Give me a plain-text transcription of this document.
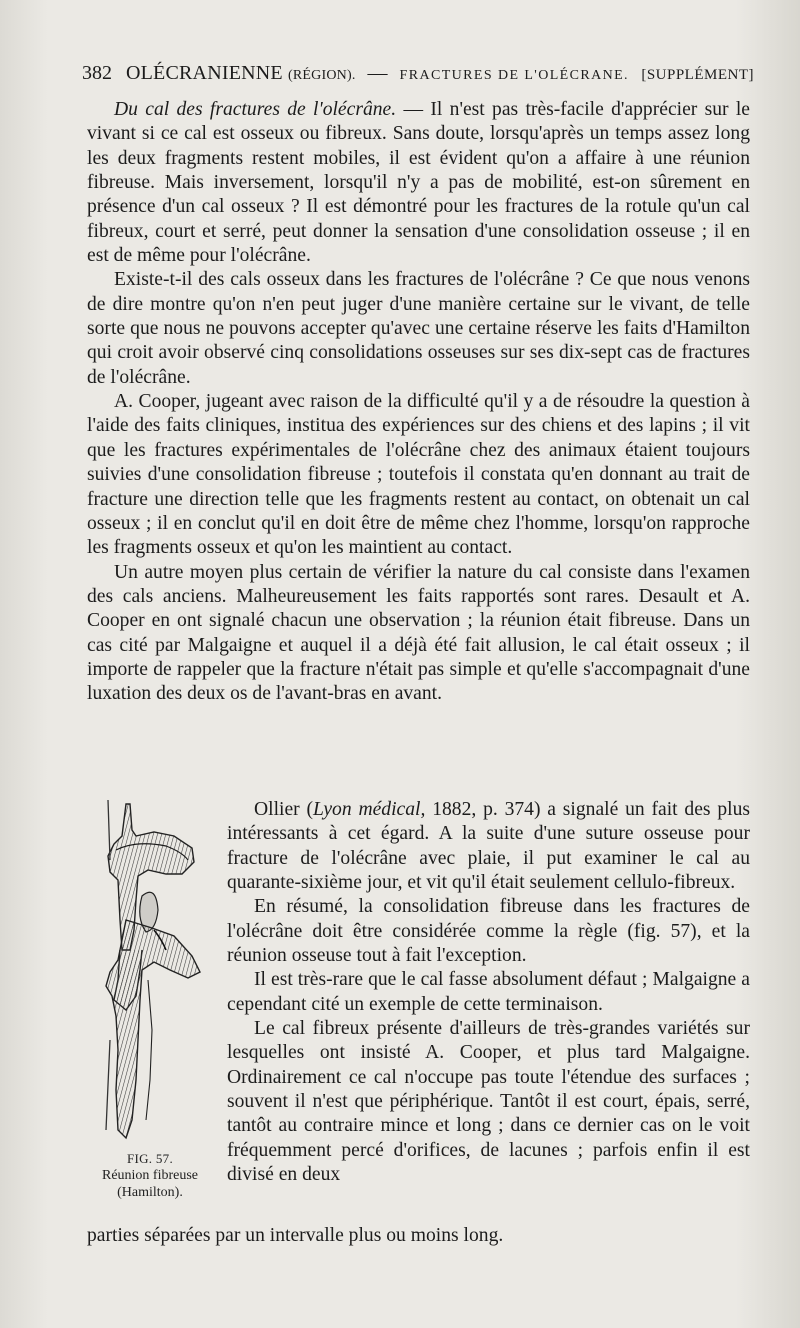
382 OLÉCRANIENNE (RÉGION). — FRACTURES DE L'OLÉCRANE. [SUPPLÉMENT]

Du cal des fractures de l'olécrâne. — Il n'est pas très-facile d'apprécier sur le vivant si ce cal est osseux ou fibreux. Sans doute, lorsqu'après un temps assez long les deux fragments restent mobiles, il est évident qu'on a affaire à une réunion fibreuse. Mais inversement, lorsqu'il n'y a pas de mobilité, est-on sûrement en présence d'un cal osseux ? Il est démontré pour les fractures de la rotule qu'un cal fibreux, court et serré, peut donner la sensation d'une consolidation osseuse ; il en est de même pour l'olécrâne.

Existe-t-il des cals osseux dans les fractures de l'olécrâne ? Ce que nous venons de dire montre qu'on n'en peut juger d'une manière certaine sur le vivant, de telle sorte que nous ne pouvons accepter qu'avec une certaine réserve les faits d'Hamilton qui croit avoir observé cinq consolidations osseuses sur ses dix-sept cas de fractures de l'olécrâne.

A. Cooper, jugeant avec raison de la difficulté qu'il y a de résoudre la question à l'aide des faits cliniques, institua des expériences sur des chiens et des lapins ; il vit que les fractures expérimentales de l'olécrâne chez des animaux étaient toujours suivies d'une consolidation fibreuse ; toutefois il constata qu'en donnant au trait de fracture une direction telle que les fragments restent au contact, on obtenait un cal osseux ; il en conclut qu'il en doit être de même chez l'homme, lorsqu'on rapproche les fragments osseux et qu'on les maintient au contact.

Un autre moyen plus certain de vérifier la nature du cal consiste dans l'examen des cals anciens. Malheureusement les faits rapportés sont rares. Desault et A. Cooper en ont signalé chacun une observation ; la réunion était fibreuse. Dans un cas cité par Malgaigne et auquel il a déjà été fait allusion, le cal était osseux ; il importe de rappeler que la fracture n'était pas simple et qu'elle s'accompagnait d'une luxation des deux os de l'avant-bras en avant.

FIG. 57.
Réunion fibreuse
(Hamilton).

Ollier (Lyon médical, 1882, p. 374) a signalé un fait des plus intéressants à cet égard. A la suite d'une suture osseuse pour fracture de l'olécrâne avec plaie, il put examiner le cal au quarante-sixième jour, et vit qu'il était seulement cellulo-fibreux.

En résumé, la consolidation fibreuse dans les fractures de l'olécrâne doit être considérée comme la règle (fig. 57), et la réunion osseuse tout à fait l'exception.

Il est très-rare que le cal fasse absolument défaut ; Malgaigne a cependant cité un exemple de cette terminaison.

Le cal fibreux présente d'ailleurs de très-grandes variétés sur lesquelles ont insisté A. Cooper, et plus tard Malgaigne. Ordinairement ce cal n'occupe pas toute l'étendue des surfaces ; souvent il n'est que périphérique. Tantôt il est court, épais, serré, tantôt au contraire mince et long ; dans ce dernier cas on le voit fréquemment percé d'orifices, de lacunes ; parfois enfin il est divisé en deux

parties séparées par un intervalle plus ou moins long.
